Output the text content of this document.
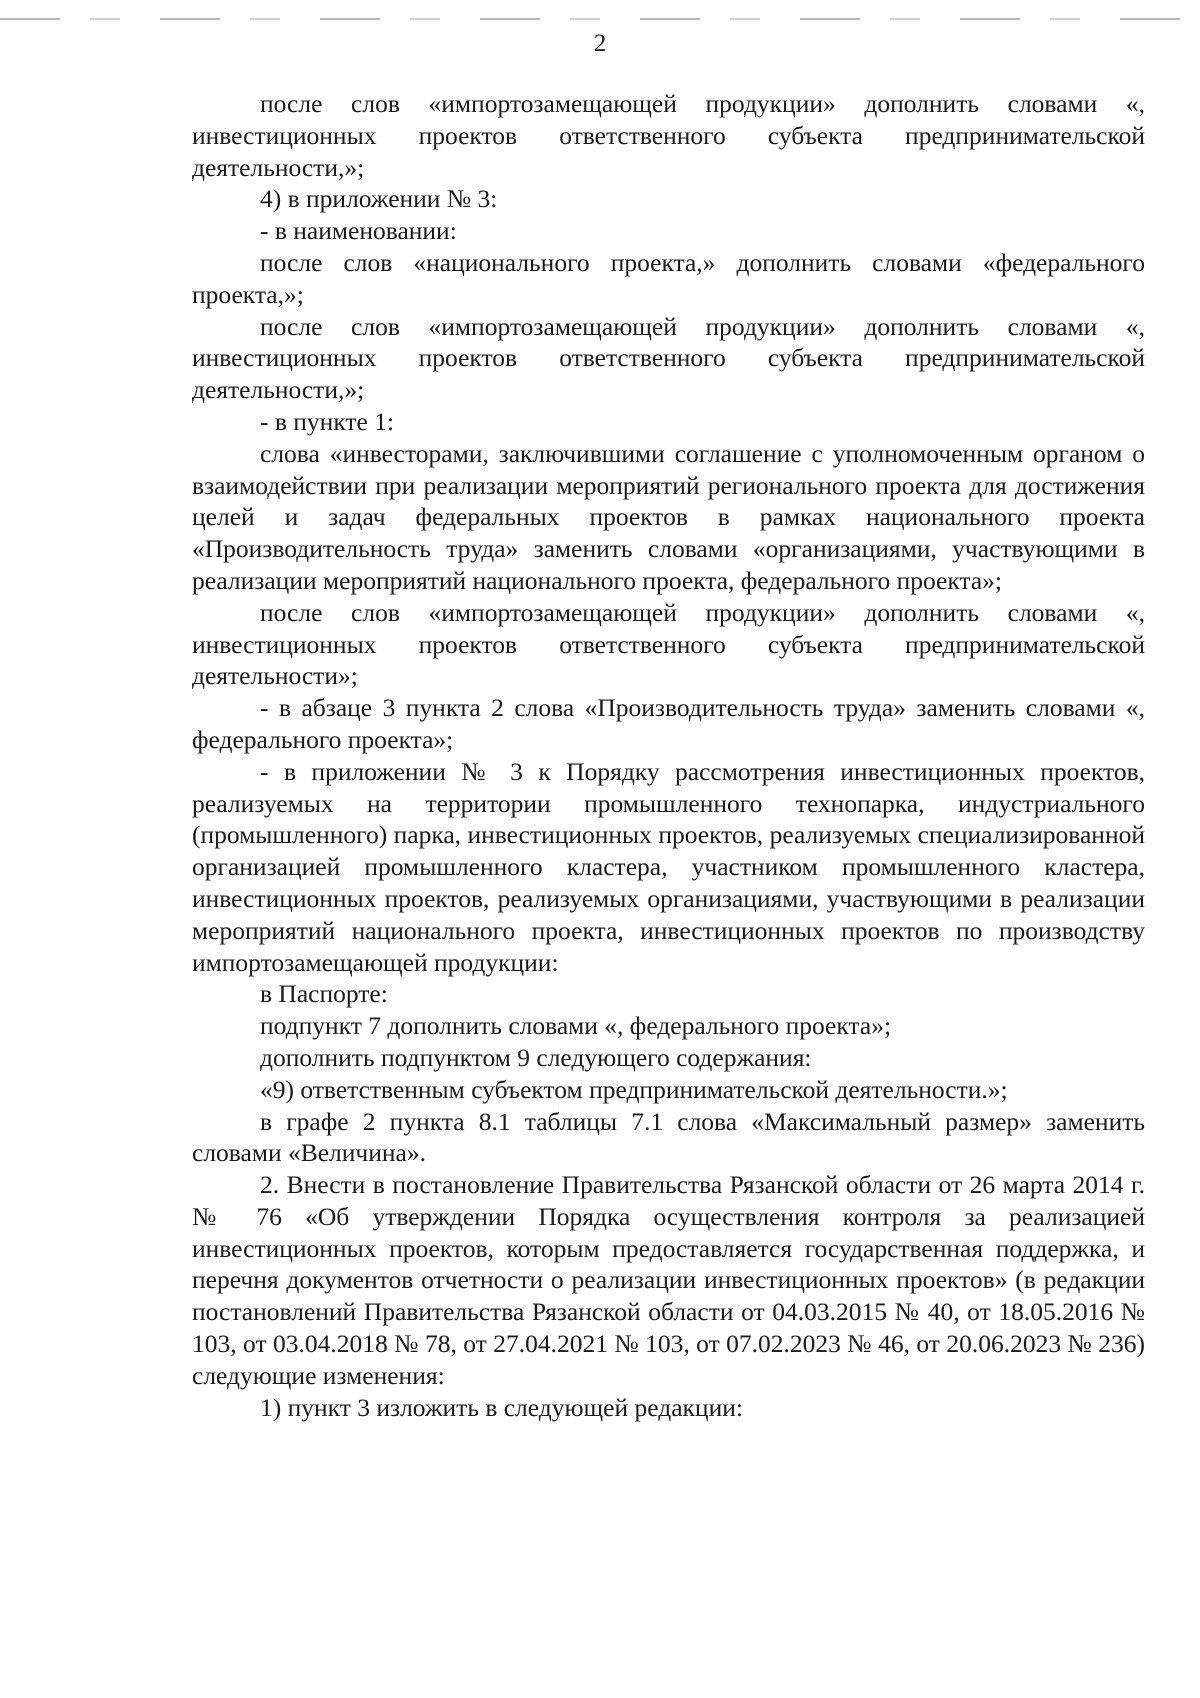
2

после слов «импортозамещающей продукции» дополнить словами «, инвестиционных проектов ответственного субъекта предпринимательской деятельности,»;

4) в приложении № 3:

- в наименовании:

после слов «национального проекта,» дополнить словами «федерального проекта,»;

после слов «импортозамещающей продукции» дополнить словами «, инвестиционных проектов ответственного субъекта предпринимательской деятельности,»;

- в пункте 1:

слова «инвесторами, заключившими соглашение с уполномоченным органом о взаимодействии при реализации мероприятий регионального проекта для достижения целей и задач федеральных проектов в рамках национального проекта «Производительность труда» заменить словами «организациями, участвующими в реализации мероприятий национального проекта, федерального проекта»;

после слов «импортозамещающей продукции» дополнить словами «, инвестиционных проектов ответственного субъекта предпринимательской деятельности»;

- в абзаце 3 пункта 2 слова «Производительность труда» заменить словами «, федерального проекта»;

- в приложении № 3 к Порядку рассмотрения инвестиционных проектов, реализуемых на территории промышленного технопарка, индустриального (промышленного) парка, инвестиционных проектов, реализуемых специализированной организацией промышленного кластера, участником промышленного кластера, инвестиционных проектов, реализуемых организациями, участвующими в реализации мероприятий национального проекта, инвестиционных проектов по производству импортозамещающей продукции:

в Паспорте:

подпункт 7 дополнить словами «, федерального проекта»;

дополнить подпунктом 9 следующего содержания:

«9) ответственным субъектом предпринимательской деятельности.»;

в графе 2 пункта 8.1 таблицы 7.1 слова «Максимальный размер» заменить словами «Величина».

2. Внести в постановление Правительства Рязанской области от 26 марта 2014 г. № 76 «Об утверждении Порядка осуществления контроля за реализацией инвестиционных проектов, которым предоставляется государственная поддержка, и перечня документов отчетности о реализации инвестиционных проектов» (в редакции постановлений Правительства Рязанской области от 04.03.2015 № 40, от 18.05.2016 № 103, от 03.04.2018 № 78, от 27.04.2021 № 103, от 07.02.2023 № 46, от 20.06.2023 № 236) следующие изменения:

1) пункт 3 изложить в следующей редакции:
